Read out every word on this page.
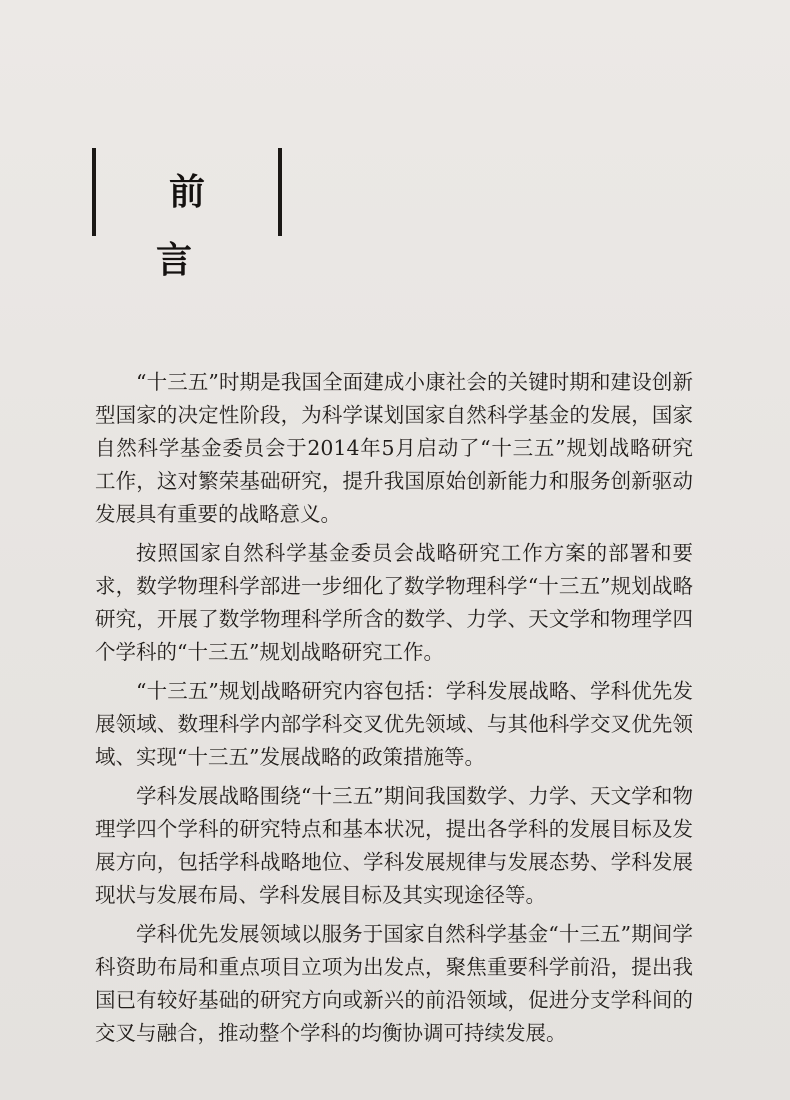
前 言

“十三五”时期是我国全面建成小康社会的关键时期和建设创新型国家的决定性阶段，为科学谋划国家自然科学基金的发展，国家自然科学基金委员会于2014年5月启动了“十三五”规划战略研究工作，这对繁荣基础研究，提升我国原始创新能力和服务创新驱动发展具有重要的战略意义。

按照国家自然科学基金委员会战略研究工作方案的部署和要求，数学物理科学部进一步细化了数学物理科学“十三五”规划战略研究，开展了数学物理科学所含的数学、力学、天文学和物理学四个学科的“十三五”规划战略研究工作。

“十三五”规划战略研究内容包括：学科发展战略、学科优先发展领域、数理科学内部学科交叉优先领域、与其他科学交叉优先领域、实现“十三五”发展战略的政策措施等。

学科发展战略围绕“十三五”期间我国数学、力学、天文学和物理学四个学科的研究特点和基本状况，提出各学科的发展目标及发展方向，包括学科战略地位、学科发展规律与发展态势、学科发展现状与发展布局、学科发展目标及其实现途径等。

学科优先发展领域以服务于国家自然科学基金“十三五”期间学科资助布局和重点项目立项为出发点，聚焦重要科学前沿，提出我国已有较好基础的研究方向或新兴的前沿领域，促进分支学科间的交叉与融合，推动整个学科的均衡协调可持续发展。
